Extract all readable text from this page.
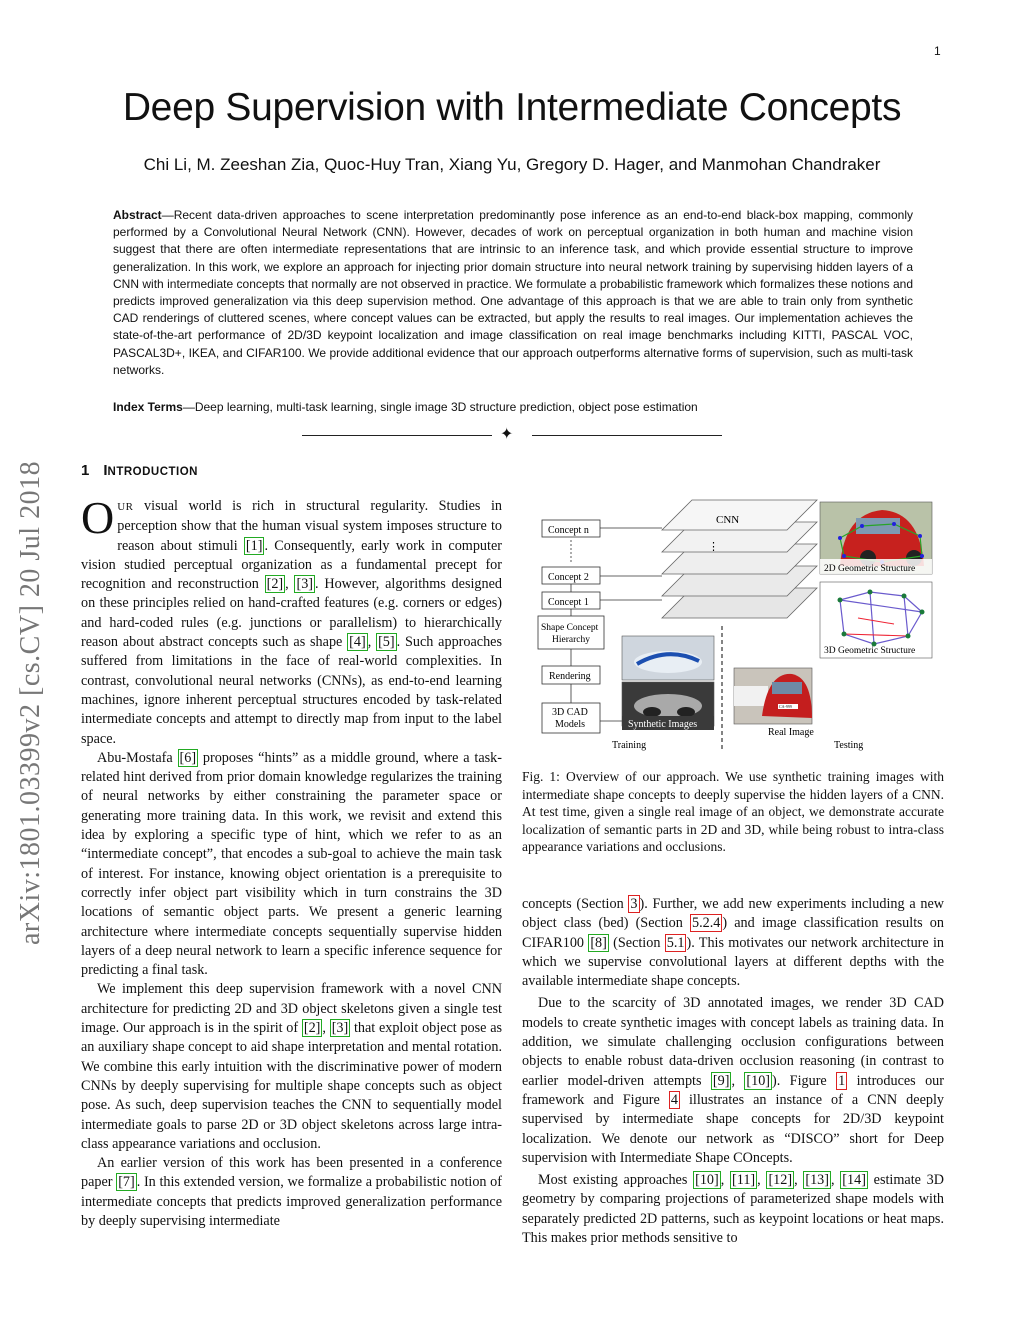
1
Deep Supervision with Intermediate Concepts
Chi Li , M. Zeeshan Zia , Quoc-Huy Tran , Xiang Yu , Gregory D. Hager , and Manmohan Chandraker
Abstract—Recent data-driven approaches to scene interpretation predominantly pose inference as an end-to-end black-box mapping, commonly performed by a Convolutional Neural Network (CNN). However, decades of work on perceptual organization in both human and machine vision suggest that there are often intermediate representations that are intrinsic to an inference task, and which provide essential structure to improve generalization. In this work, we explore an approach for injecting prior domain structure into neural network training by supervising hidden layers of a CNN with intermediate concepts that normally are not observed in practice. We formulate a probabilistic framework which formalizes these notions and predicts improved generalization via this deep supervision method. One advantage of this approach is that we are able to train only from synthetic CAD renderings of cluttered scenes, where concept values can be extracted, but apply the results to real images. Our implementation achieves the state-of-the-art performance of 2D/3D keypoint localization and image classification on real image benchmarks including KITTI, PASCAL VOC, PASCAL3D+, IKEA, and CIFAR100. We provide additional evidence that our approach outperforms alternative forms of supervision, such as multi-task networks.
Index Terms—Deep learning, multi-task learning, single image 3D structure prediction, object pose estimation
✦
arXiv:1801.03399v2 [cs.CV] 20 Jul 2018	1 INTRODUCTION

OUR visual world is rich in structural regularity. Studies in perception show that the human visual system imposes structure to reason about stimuli [1] . Consequently, early work in computer vision studied perceptual organization as a fundamental precept for recognition and reconstruction [2] , [3] . However, algorithms designed on these principles relied on hand-crafted features (e.g. corners or edges) and hard-coded rules (e.g. junctions or parallelism) to hierarchically reason about abstract concepts such as shape [4] , [5] . Such approaches suffered from limitations in the face of real-world complexities. In contrast, convolutional neural networks (CNNs), as end-to-end learning machines, ignore inherent perceptual structures encoded by task-related intermediate concepts and attempt to directly map from input to the label space.

Abu-Mostafa [6] proposes “hints” as a middle ground, where a task-related hint derived from prior domain knowledge regularizes the training of neural networks by either constraining the parameter space or generating more training data. In this work, we revisit and extend this idea by exploring a specific type of hint, which we refer to as an “intermediate concept”, that encodes a sub-goal to achieve the main task of interest. For instance, knowing object orientation is a prerequisite to correctly infer object part visibility which in turn constrains the 3D locations of semantic object parts. We present a generic learning architecture where intermediate concepts sequentially supervise hidden layers of a deep neural network to learn a specific inference sequence for predicting a final task.

We implement this deep supervision framework with a novel CNN architecture for predicting 2D and 3D object skeletons given a single test image. Our approach is in the spirit of [2] , [3] that exploit object pose as an auxiliary shape concept to aid shape interpretation and mental rotation. We combine this early intuition with the discriminative power of modern CNNs by deeply supervising for multiple shape concepts such as object pose. As such, deep supervision teaches the CNN to sequentially model intermediate goals to parse 2D or 3D object skeletons across large intra-class appearance variations and occlusion.

An earlier version of this work has been presented in a conference paper [7] . In this extended version, we formalize a probabilistic notion of intermediate concepts that predicts improved generalization performance by deeply supervising intermediate

CNN
⋮
Concept n
Concept 2
Concept 1
Shape Concept
Hierarchy
Rendering
3D CAD
Models	Synthetic Images
Training
CA-999
Real Image
Testing
2D Geometric Structure
3D Geometric Structure
Fig. 1: Overview of our approach. We use synthetic training images with intermediate shape concepts to deeply supervise the hidden layers of a CNN. At test time, given a single real image of an object, we demonstrate accurate localization of semantic parts in 2D and 3D, while being robust to intra-class appearance variations and occlusions.

concepts (Section 3 ). Further, we add new experiments including a new object class (bed) (Section 5.2.4 ) and image classification results on CIFAR100 [8] (Section 5.1 ). This motivates our network architecture in which we supervise convolutional layers at different depths with the available intermediate shape concepts.

Due to the scarcity of 3D annotated images, we render 3D CAD models to create synthetic images with concept labels as training data. In addition, we simulate challenging occlusion configurations between objects to enable robust data-driven occlusion reasoning (in contrast to earlier model-driven attempts [9] , [10] ). Figure 1 introduces our framework and Figure 4 illustrates an instance of a CNN deeply supervised by intermediate shape concepts for 2D/3D keypoint localization. We denote our network as “DISCO” short for Deep supervision with Intermediate Shape COncepts.

Most existing approaches [10] , [11] , [12] , [13] , [14] estimate 3D geometry by comparing projections of parameterized shape models with separately predicted 2D patterns, such as keypoint locations or heat maps. This makes prior methods sensitive to
